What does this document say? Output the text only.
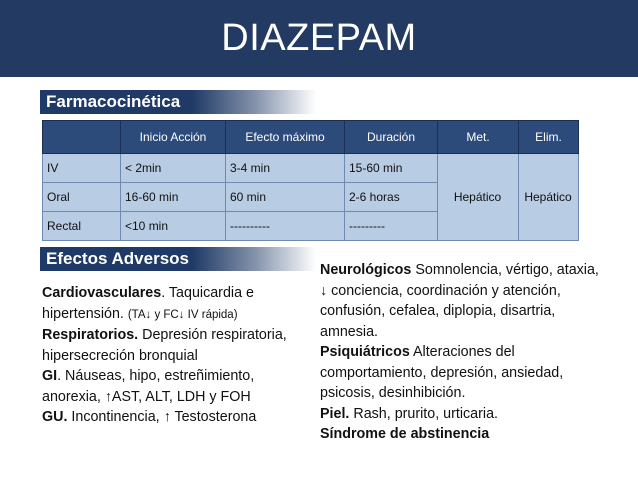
DIAZEPAM
Farmacocinética
	Inicio Acción	Efecto máximo	Duración	Met.	Elim.
IV	< 2min	3-4 min	15-60 min	Hepático	Hepático
Oral	16-60 min	60 min	2-6 horas		
Rectal	<10 min	----------	---------		
Efectos Adversos
Cardiovasculares. Taquicardia e hipertensión. (TA↓ y FC↓ IV rápida)
Respiratorios. Depresión respiratoria, hipersecreción bronquial
GI. Náuseas, hipo, estreñimiento, anorexia, ↑AST, ALT, LDH y FOH
GU. Incontinencia, ↑ Testosterona
Neurológicos Somnolencia, vértigo, ataxia, ↓ conciencia, coordinación y atención, confusión, cefalea, diplopia, disartria, amnesia.
Psiquiátricos Alteraciones del comportamiento, depresión, ansiedad, psicosis, desinhibición.
Piel. Rash, prurito, urticaria.
Síndrome de abstinencia
